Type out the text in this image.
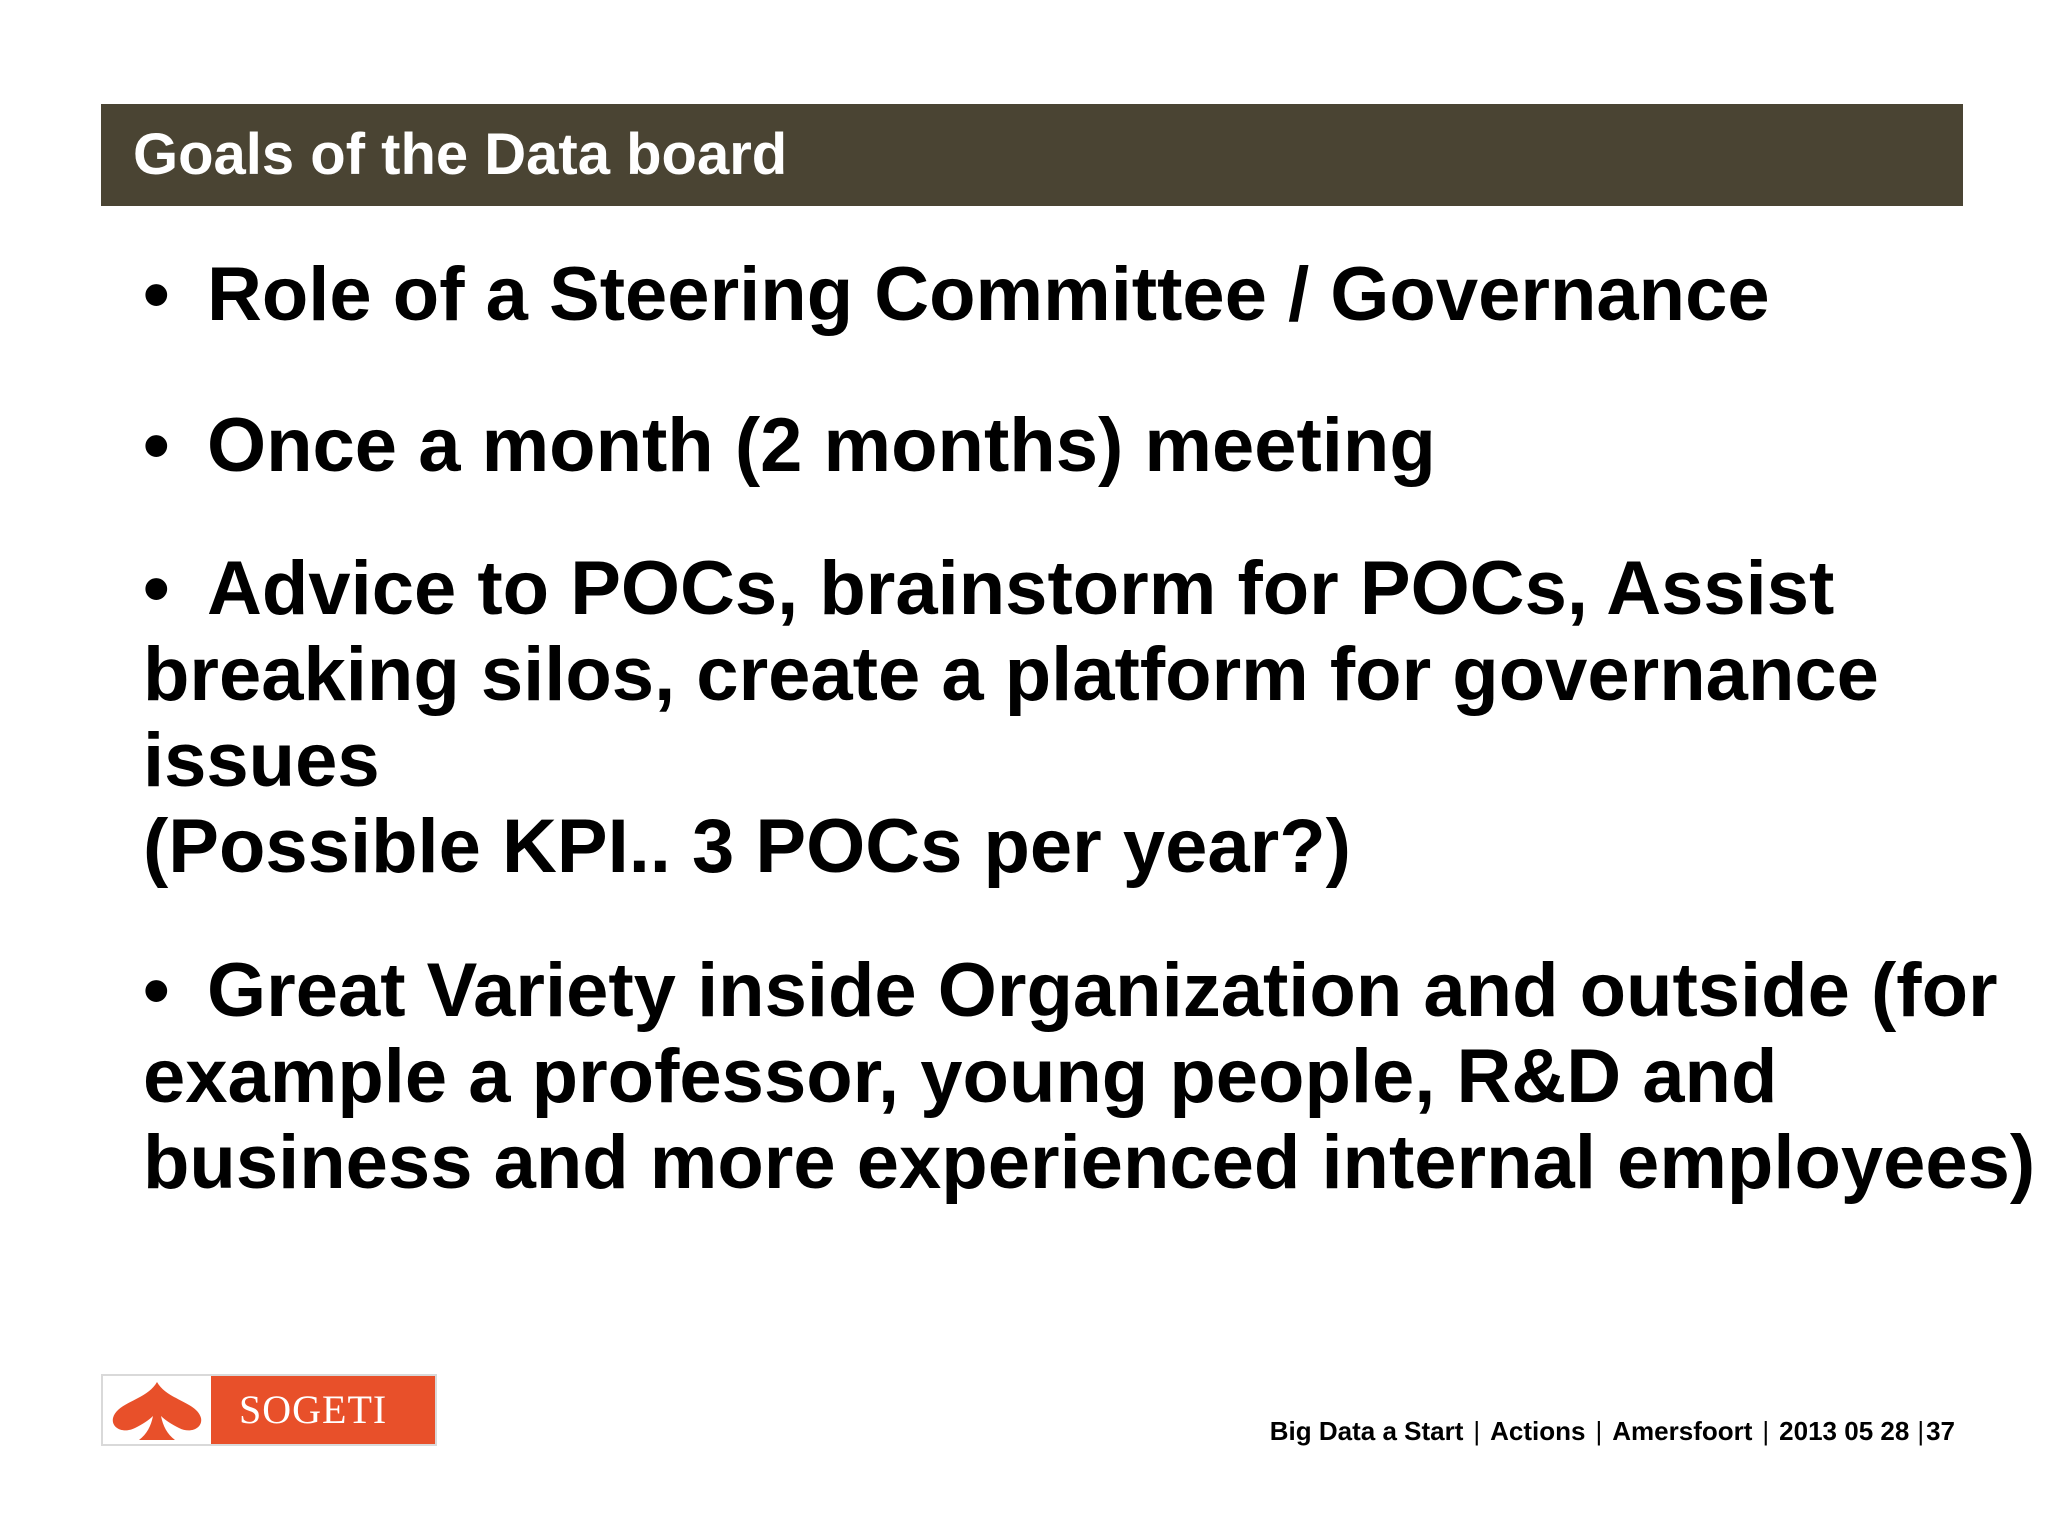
Goals of the Data board
• Role of a Steering Committee / Governance
• Once a month (2 months) meeting
• Advice to POCs, brainstorm for POCs, Assist
breaking silos, create a platform for governance
issues
(Possible KPI.. 3 POCs per year?)
• Great Variety inside Organization and outside (for
example a professor, young people, R&D and
business and more experienced internal employees)
SOGETI	Big Data a Start | Actions | Amersfoort | 2013 05 28 |37
